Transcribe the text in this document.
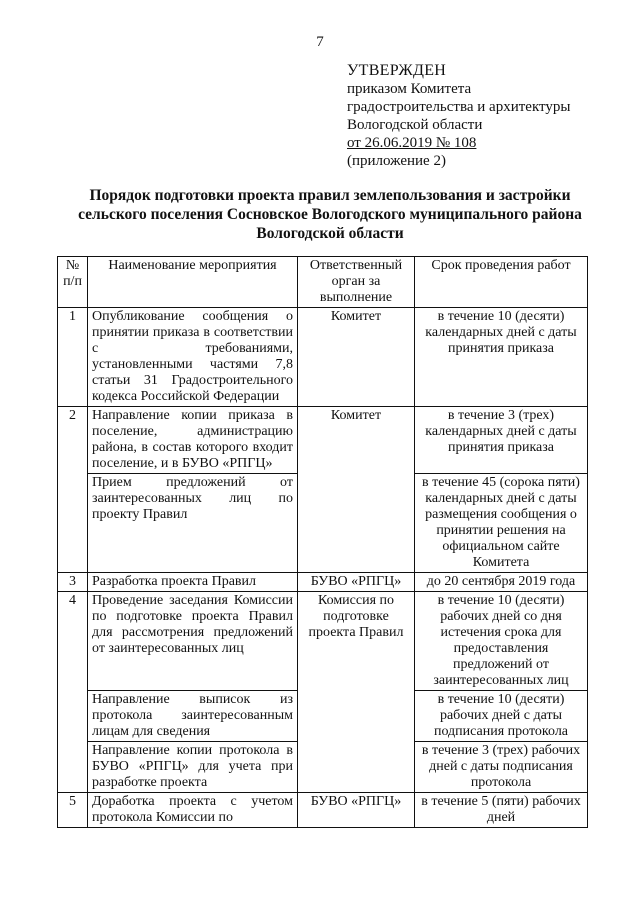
7
УТВЕРЖДЕН
приказом Комитета
градостроительства и архитектуры
Вологодской области
от 26.06.2019 № 108
(приложение 2)
Порядок подготовки проекта правил землепользования и застройки
сельского поселения Сосновское Вологодского муниципального района
Вологодской области
№ п/п	Наименование мероприятия	Ответственный орган за выполнение	Срок проведения работ
1	Опубликование сообщения о принятии приказа в соответствии с требованиями, установленными частями 7,8 статьи 31 Градостроительного кодекса Российской Федерации	Комитет	в течение 10 (десяти) календарных дней с даты принятия приказа
2	Направление копии приказа в поселение, администрацию района, в состав которого входит поселение, и в БУВО «РПГЦ»	Комитет	в течение 3 (трех) календарных дней с даты принятия приказа
	Прием предложений от заинтересованных лиц по проекту Правил		в течение 45 (сорока пяти) календарных дней с даты размещения сообщения о принятии решения на официальном сайте Комитета
3	Разработка проекта Правил	БУВО «РПГЦ»	до 20 сентября 2019 года
4	Проведение заседания Комиссии по подготовке проекта Правил для рассмотрения предложений от заинтересованных лиц	Комиссия по подготовке проекта Правил	в течение 10 (десяти) рабочих дней со дня истечения срока для предоставления предложений от заинтересованных лиц
	Направление выписок из протокола заинтересованным лицам для сведения		в течение 10 (десяти) рабочих дней с даты подписания протокола
	Направление копии протокола в БУВО «РПГЦ» для учета при разработке проекта		в течение 3 (трех) рабочих дней с даты подписания протокола
5	Доработка проекта с учетом протокола Комиссии по	БУВО «РПГЦ»	в течение 5 (пяти) рабочих дней
